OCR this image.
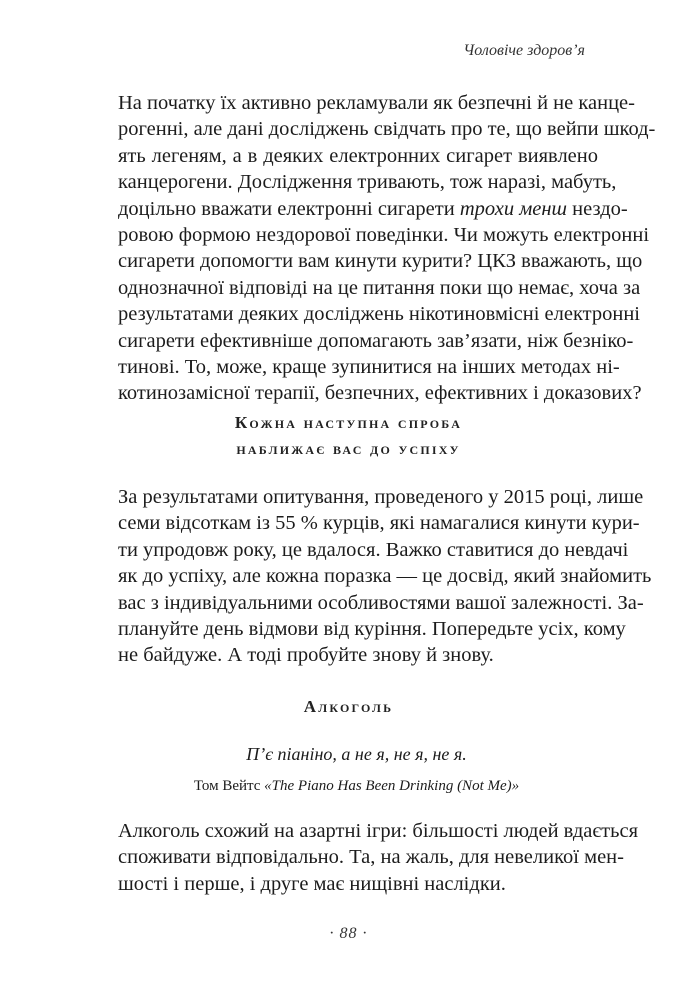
Чоловіче здоров’я
На початку їх активно рекламували як безпечні й не канце-
рогенні, але дані досліджень свідчать про те, що вейпи шкод-
ять легеням, а в деяких електронних сигарет виявлено
канцерогени. Дослідження тривають, тож наразі, мабуть,
доцільно вважати електронні сигарети трохи менш нездо-
ровою формою нездорової поведінки. Чи можуть електронні
сигарети допомогти вам кинути курити? ЦКЗ вважають, що
однозначної відповіді на це питання поки що немає, хоча за
результатами деяких досліджень нікотиновмісні електронні
сигарети ефективніше допомагають зав’язати, ніж безніко-
тинові. То, може, краще зупинитися на інших методах ні-
котинозамісної терапії, безпечних, ефективних і доказових?
Кожна наступна спроба
наближає вас до успіху
За результатами опитування, проведеного у 2015 році, лише
семи відсоткам із 55 % курців, які намагалися кинути кури-
ти упродовж року, це вдалося. Важко ставитися до невдачі
як до успіху, але кожна поразка — це досвід, який знайомить
вас з індивідуальними особливостями вашої залежності. За-
плануйте день відмови від куріння. Попередьте усіх, кому
не байдуже. А тоді пробуйте знову й знову.
Алкоголь
П’є піаніно, а не я, не я, не я.
Том Вейтс «The Piano Has Been Drinking (Not Me)»
Алкоголь схожий на азартні ігри: більшості людей вдається
споживати відповідально. Та, на жаль, для невеликої мен-
шості і перше, і друге має нищівні наслідки.
· 88 ·
